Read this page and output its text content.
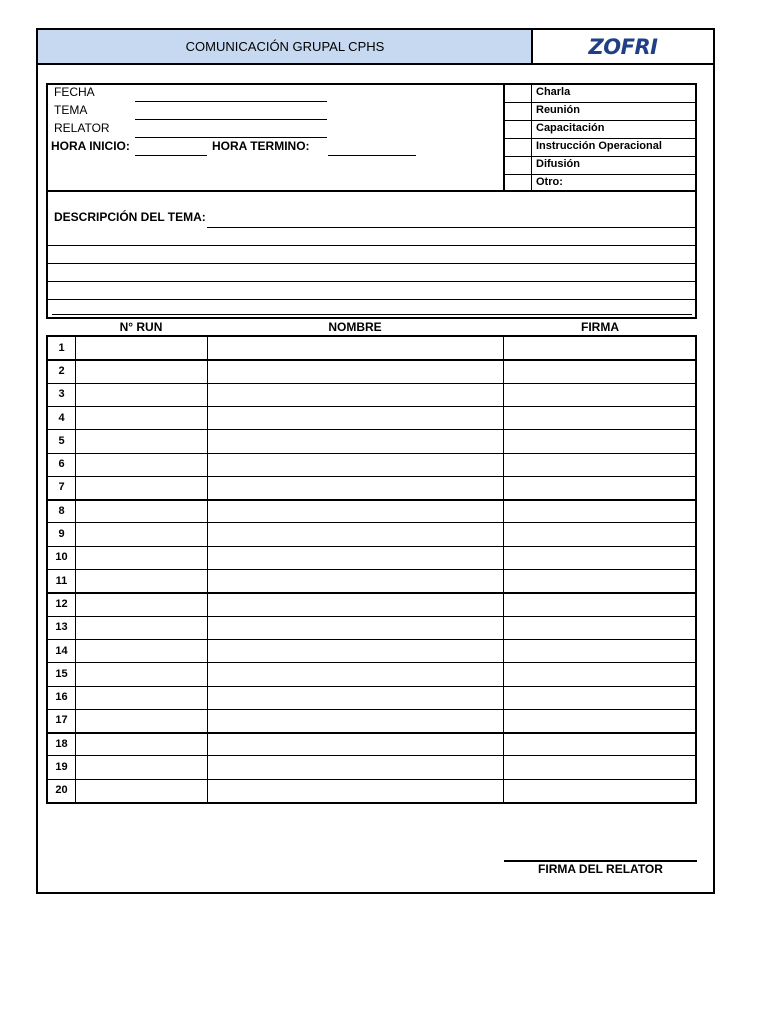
COMUNICACIÓN GRUPAL CPHS	ZOFRI
FECHA
TEMA
RELATOR
HORA INICIO:	HORA TERMINO:
Charla
Reunión
Capacitación
Instrucción Operacional
Difusión
Otro:
DESCRIPCIÓN DEL TEMA:
N° RUN	NOMBRE	FIRMA
1
2
3
4
5
6
7
8
9
10
11
12
13
14
15
16
17
18
19
20
FIRMA DEL RELATOR
